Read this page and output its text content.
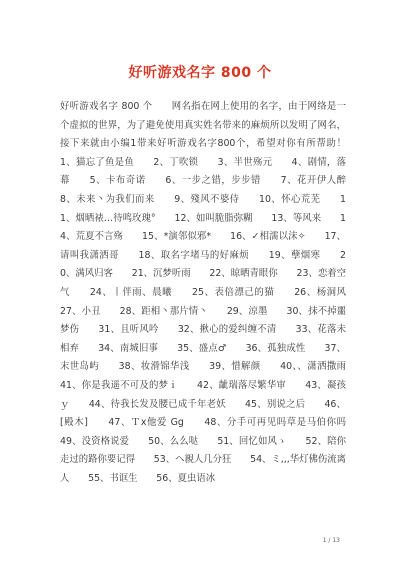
好听游戏名字 800 个
好听游戏名字 800 个　　网名指在网上使用的名字，由于网络是一个虚拟的世界，为了避免使用真实姓名带来的麻烦所以发明了网名，接下来就由小编1带来好听游戏名字800个，希望对你有所帮助！　　1、猫忘了鱼是鱼　　2、丁吹锁　　3、半世殇元　　4、剧情，落幕　　5、卡布奇诺　　6、一步之错，步步错　　7、花开伊人醉　　8、未来丶为我们而来　　9、殘风不婆侍　　10、怀心荒芜　　11、烟晒裱…待鸣玫瑰°　　12、如叫脆脂弥糊　　13、等风来　　14、荒夏不言殇　　15、*演邻似邪*　　16、✓相濡以沫✧　　17、请叫我潇洒哥　　18、取名字堵马的好麻烦　　19、孽烟寒　　20、满风归客　　21、沉梦听雨　　22、晾晒青眼你　　23、恋着空气　　24、丨伴雨、晨曦　　25、表倍漂己的猫　　26、杨洞风　　27、小丑　　28、距相丶那片情丶　　29、涼墨　　30、抹不掉噩梦伤　　31、且听风吟　　32、揪心的爱纠缠不清　　33、花落未相弃　　34、南城旧事　　35、盛点♂　　36、孤独成性　　37、末世岛屿　　38、妆滑锦华浅　　39、惜解颜　　40、、潇洒撒雨　　41、你是我遥不可及的梦ｉ　　42、龇瑞落尽繁华审　　43、凝孩ｙ　　44、待我长发及腰已成千年老妖　　45、别说之后　　46、[殿木]　　47、Ｔx他爱 Gg　　48、分手可再见吗草是马伯你吗　　49、没资格说爱　　50、么么哒　　51、回忆如风ゝ　　52、陪你走过的路你要记得　　53、ヘ親人几分狂　　54、ミ,,,华灯佛伤流离人　　55、书诓生　　56、夏虫语冰
1 / 13
